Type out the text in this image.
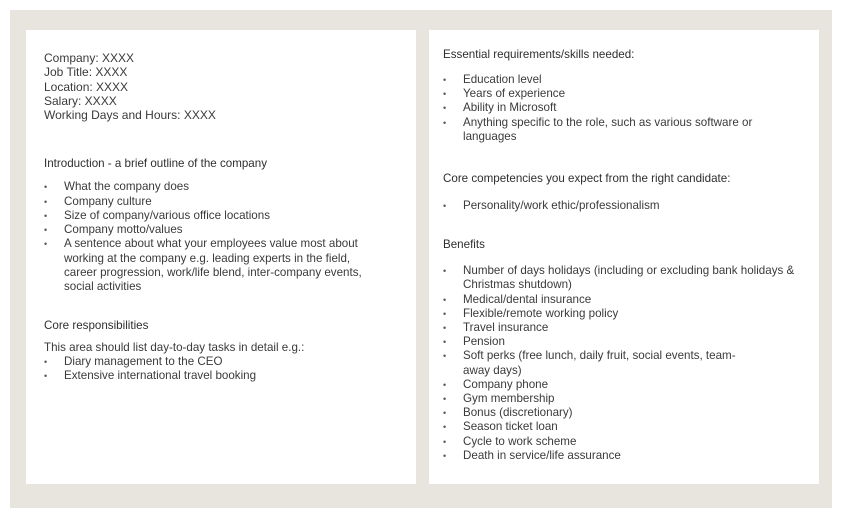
Company: XXXX

Job Title: XXXX

Location: XXXX

Salary: XXXX

Working Days and Hours: XXXX

Introduction - a brief outline of the company

• What the company does
• Company culture
• Size of company/various office locations
• Company motto/values
• A sentence about what your employees value most about working at the company e.g. leading experts in the field, career progression, work/life blend, inter-company events, social activities

Core responsibilities

This area should list day-to-day tasks in detail e.g.:

• Diary management to the CEO
• Extensive international travel booking

Essential requirements/skills needed:

• Education level
• Years of experience
• Ability in Microsoft
• Anything specific to the role, such as various software or languages

Core competencies you expect from the right candidate:

• Personality/work ethic/professionalism

Benefits

• Number of days holidays (including or excluding bank holidays & Christmas shutdown)
• Medical/dental insurance
• Flexible/remote working policy
• Travel insurance
• Pension
• Soft perks (free lunch, daily fruit, social events, team-away days)
• Company phone
• Gym membership
• Bonus (discretionary)
• Season ticket loan
• Cycle to work scheme
• Death in service/life assurance
